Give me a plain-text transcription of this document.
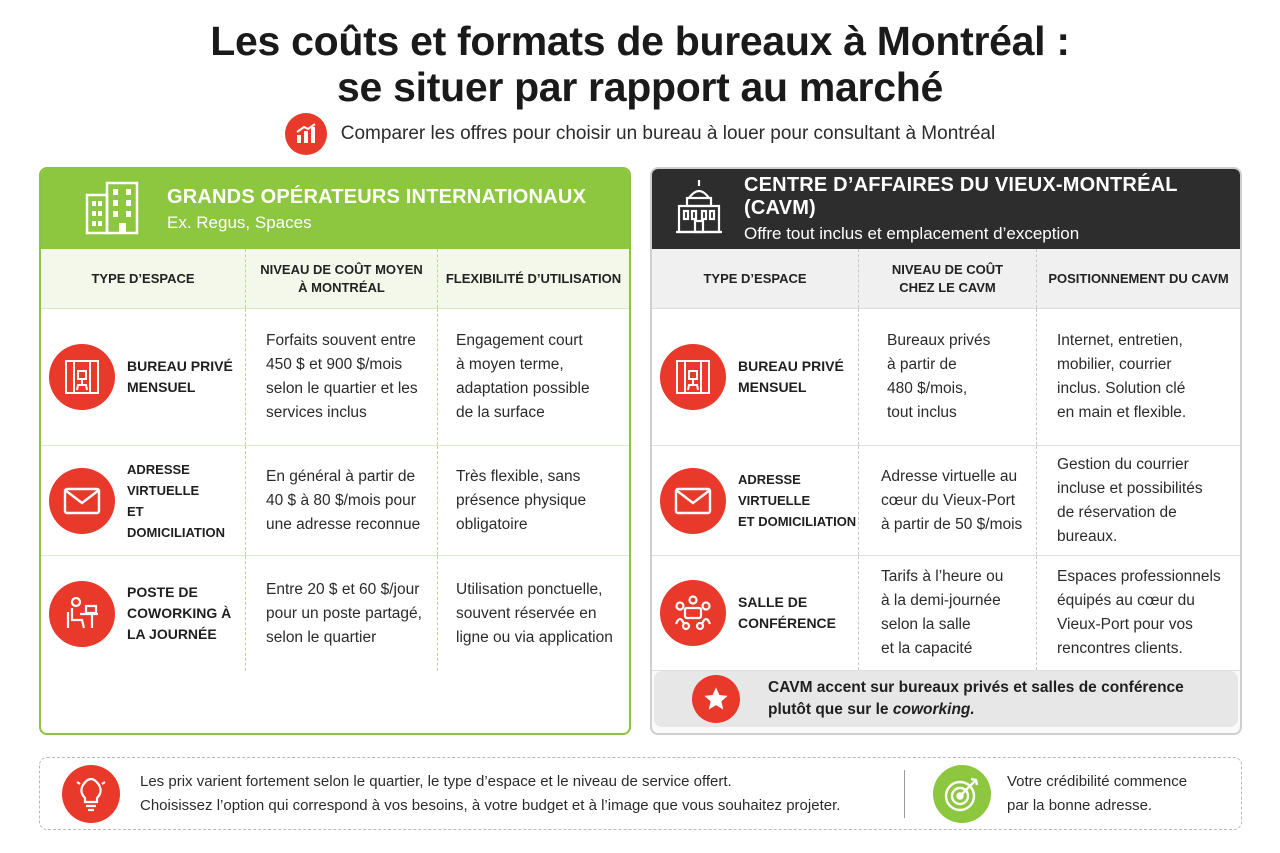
Les coûts et formats de bureaux à Montréal :
se situer par rapport au marché
Comparer les offres pour choisir un bureau à louer pour consultant à Montréal
GRANDS OPÉRATEURS INTERNATIONAUX
Ex. Regus, Spaces
TYPE D’ESPACE
NIVEAU DE COÛT MOYEN
À MONTRÉAL
FLEXIBILITÉ D’UTILISATION
BUREAU PRIVÉ
MENSUEL
Forfaits souvent entre
450 $ et 900 $/mois
selon le quartier et les
services inclus
Engagement court
à moyen terme,
adaptation possible
de la surface
ADRESSE VIRTUELLE
ET DOMICILIATION
En général à partir de
40 $ à 80 $/mois pour
une adresse reconnue
Très flexible, sans
présence physique
obligatoire
POSTE DE
COWORKING À
LA JOURNÉE
Entre 20 $ et 60 $/jour
pour un poste partagé,
selon le quartier
Utilisation ponctuelle,
souvent réservée en
ligne ou via application
CENTRE D’AFFAIRES DU VIEUX-MONTRÉAL (CAVM)
Offre tout inclus et emplacement d’exception
TYPE D’ESPACE
NIVEAU DE COÛT
CHEZ LE CAVM
POSITIONNEMENT DU CAVM
BUREAU PRIVÉ
MENSUEL
Bureaux privés
à partir de
480 $/mois,
tout inclus
Internet, entretien,
mobilier, courrier
inclus. Solution clé
en main et flexible.
ADRESSE VIRTUELLE
ET DOMICILIATION
Adresse virtuelle au
cœur du Vieux-Port
à partir de 50 $/mois
Gestion du courrier
incluse et possibilités
de réservation de
bureaux.
SALLE DE
CONFÉRENCE
Tarifs à l’heure ou
à la demi-journée
selon la salle
et la capacité
Espaces professionnels
équipés au cœur du
Vieux-Port pour vos
rencontres clients.
CAVM accent sur bureaux privés et salles de conférence
plutôt que sur le coworking.
Les prix varient fortement selon le quartier, le type d’espace et le niveau de service offert.
Choisissez l’option qui correspond à vos besoins, à votre budget et à l’image que vous souhaitez projeter.
Votre crédibilité commence
par la bonne adresse.
